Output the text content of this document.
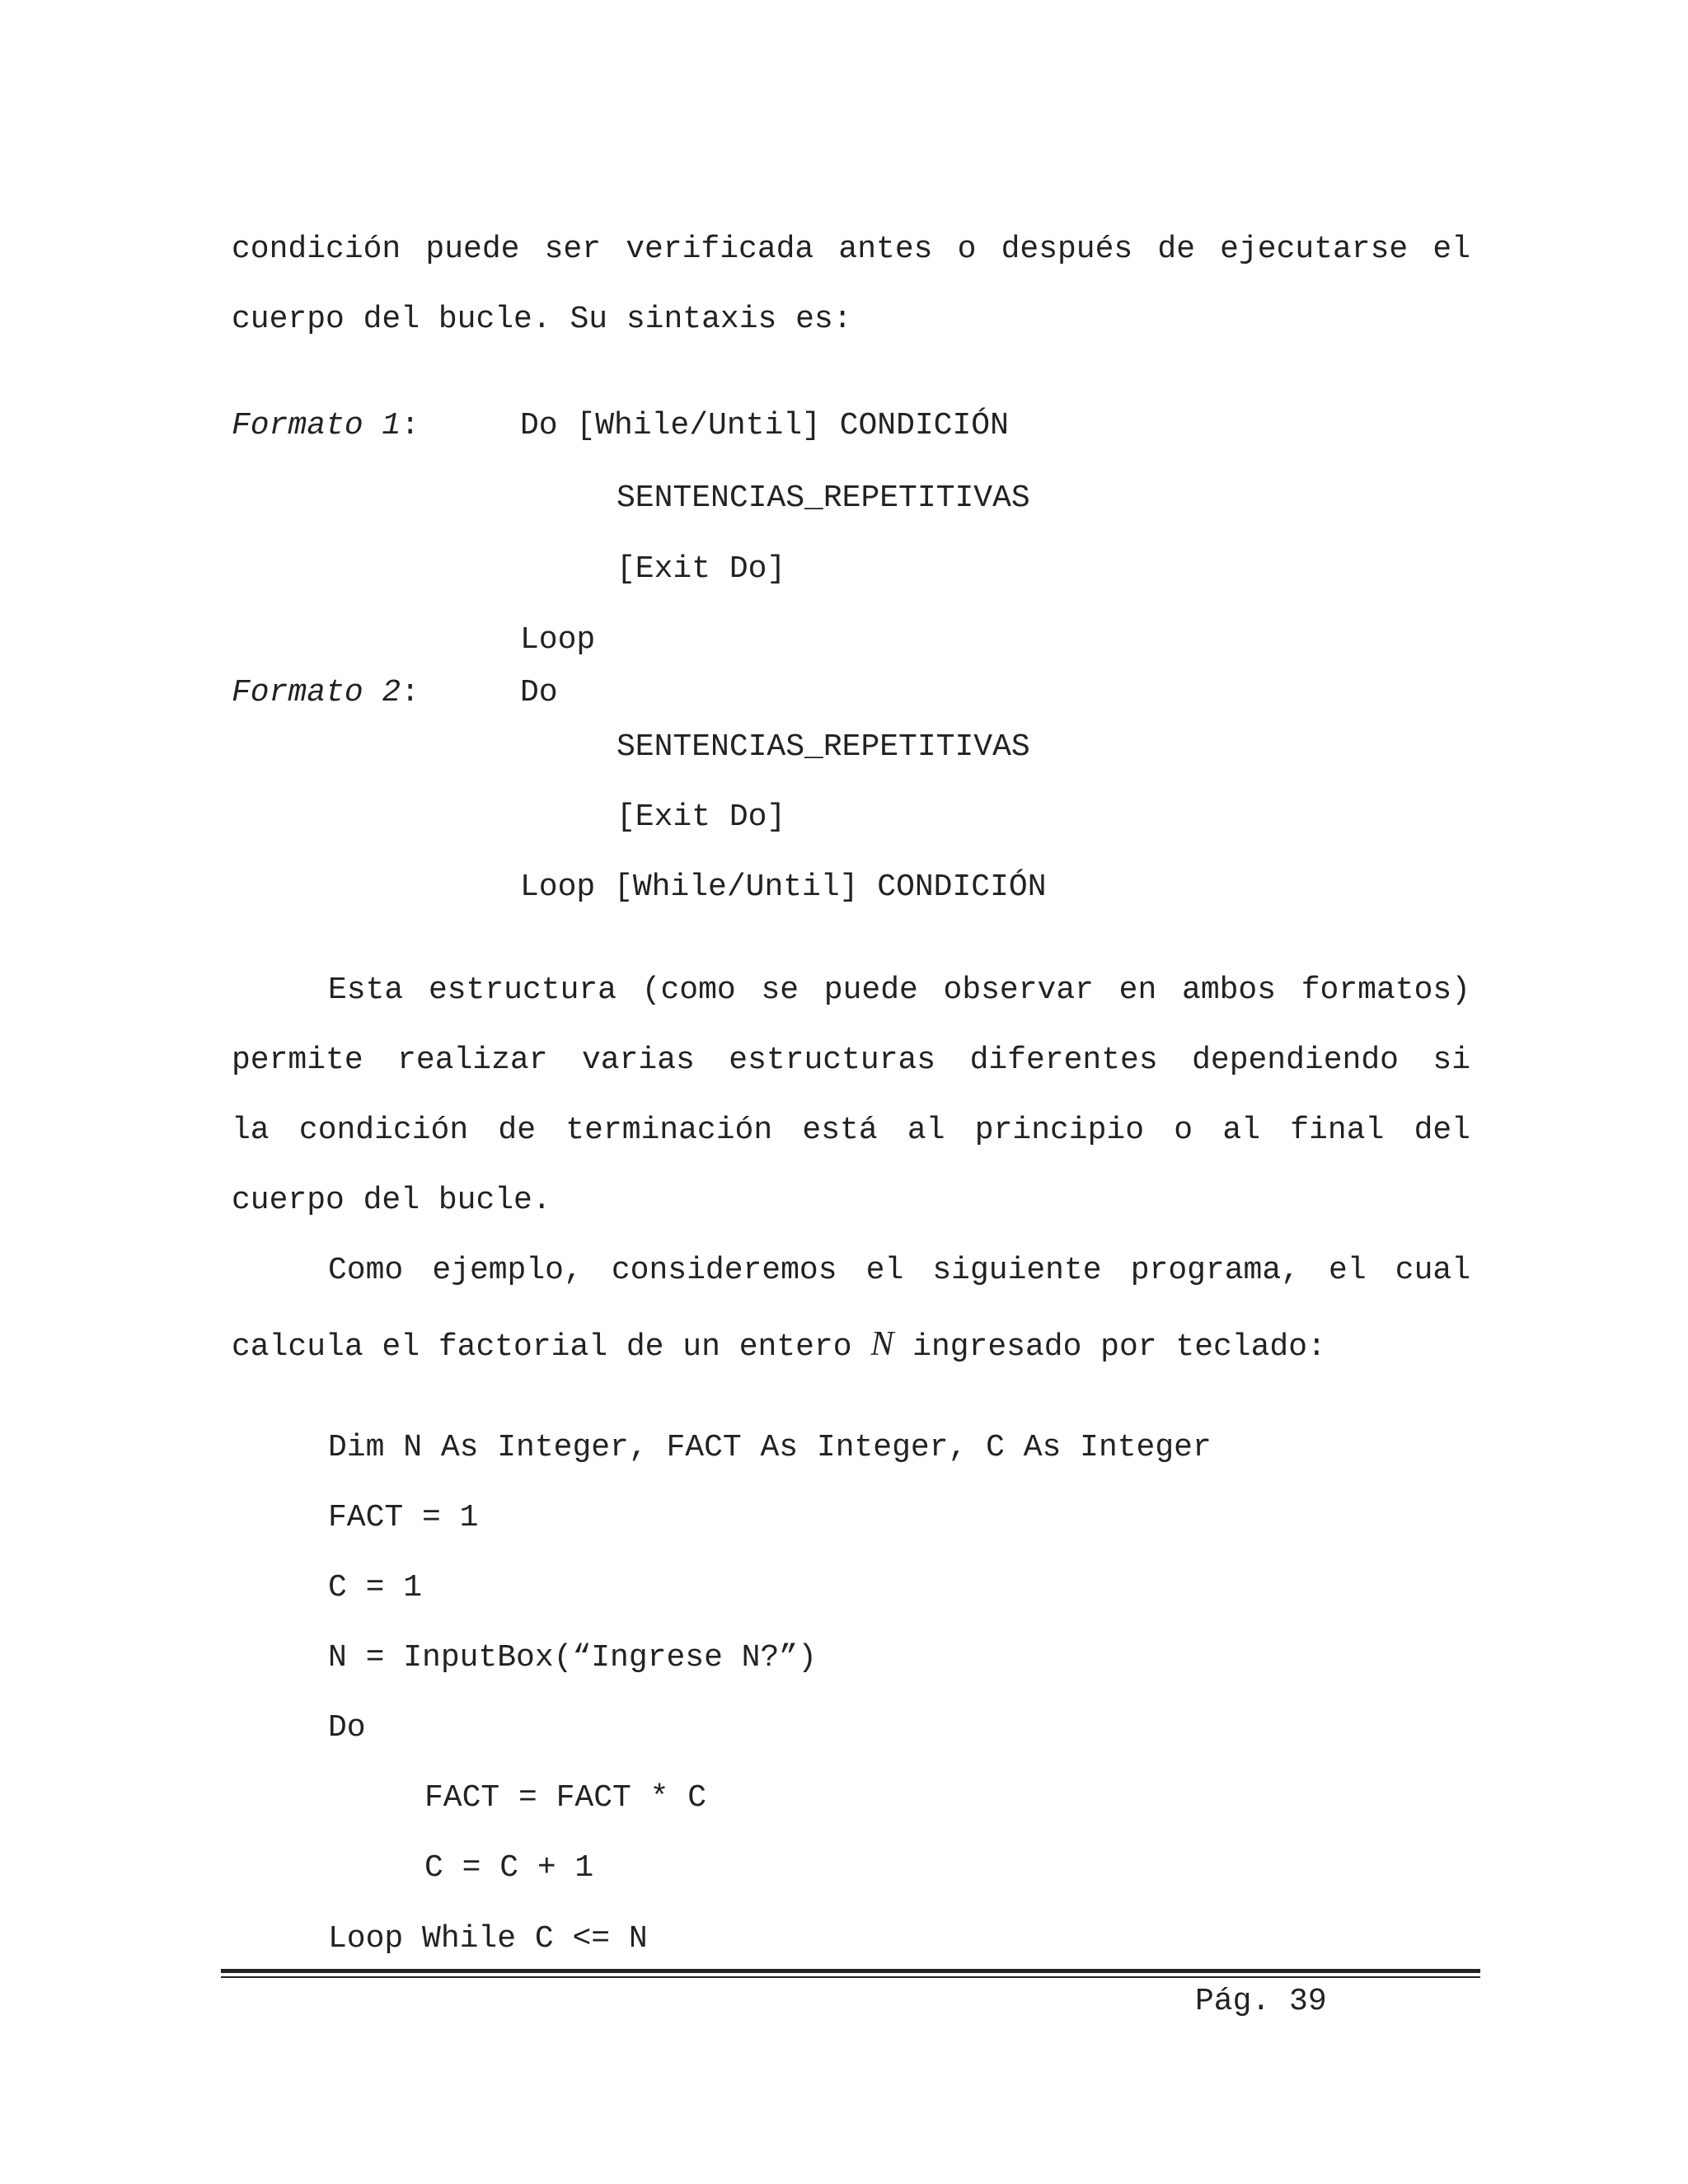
condición puede ser verificada antes o después de ejecutarse el
cuerpo del bucle. Su sintaxis es:
Formato 1:	Do [While/Until] CONDICIÓN
SENTENCIAS_REPETITIVAS
[Exit Do]
Loop
Formato 2:	Do
SENTENCIAS_REPETITIVAS
[Exit Do]
Loop [While/Until] CONDICIÓN
Esta estructura (como se puede observar en ambos formatos)
permite realizar varias estructuras diferentes dependiendo si
la condición de terminación está al principio o al final del
cuerpo del bucle.
Como ejemplo, consideremos el siguiente programa, el cual
calcula el factorial de un entero N ingresado por teclado:
Dim N As Integer, FACT As Integer, C As Integer
FACT = 1
C = 1
N = InputBox(“Ingrese N?”)
Do
FACT = FACT * C
C = C + 1
Loop While C <= N
Pág. 39
